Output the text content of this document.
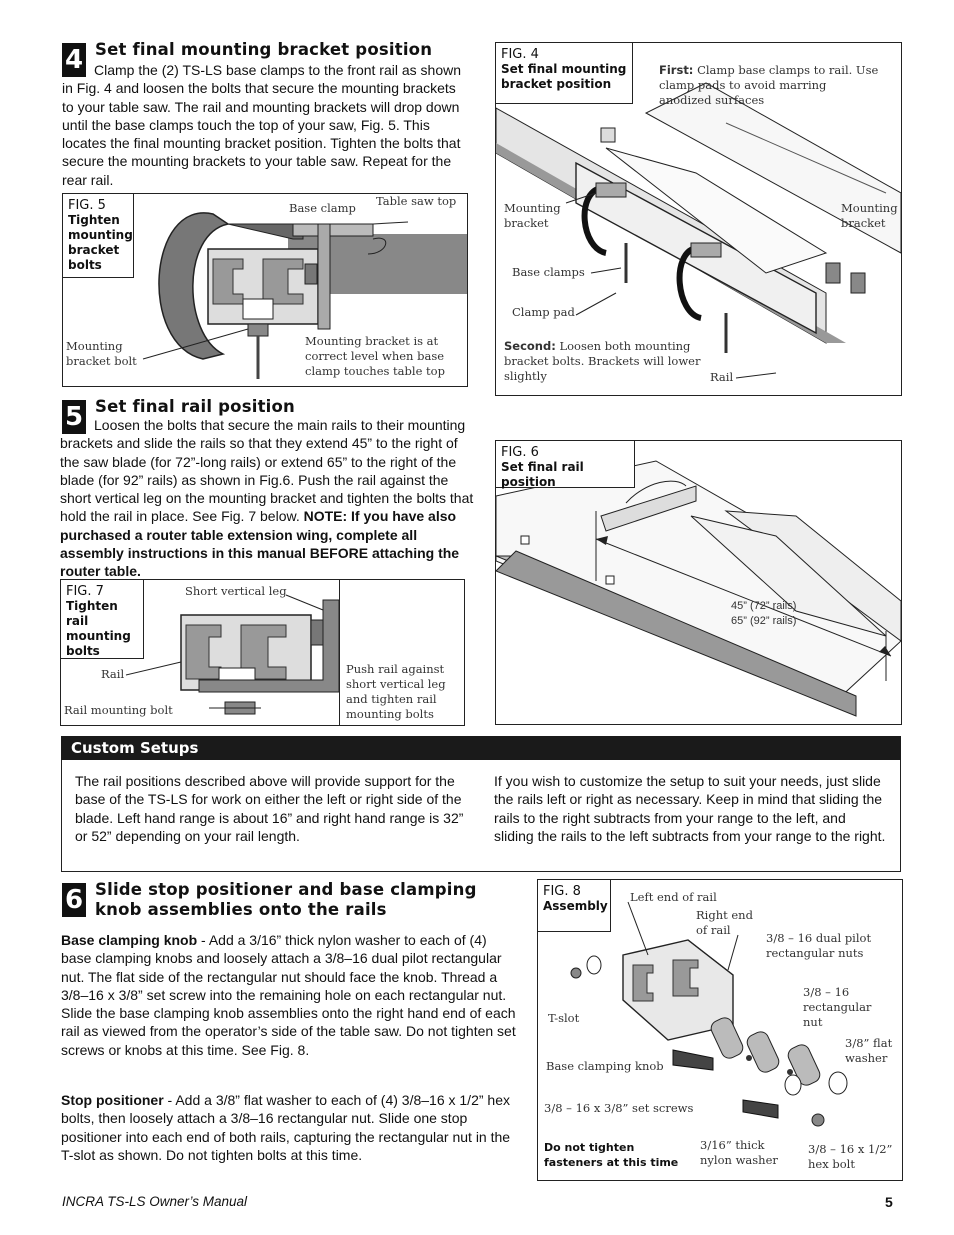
4 Set final mounting bracket position
Clamp the (2) TS-LS base clamps to the front rail as shown in Fig. 4 and loosen the bolts that secure the mounting brackets to your table saw. The rail and mounting brackets will drop down until the base clamps touch the top of your saw, Fig. 5. This locates the final mounting bracket position. Tighten the bolts that secure the mounting brackets to your table saw. Repeat for the rear rail.
FIG. 5
Tighten mounting bracket bolts
Base clamp Table saw top
Mounting bracket bolt
Mounting bracket is at correct level when base clamp touches table top
FIG. 4
Set final mounting bracket position
First: Clamp base clamps to rail. Use clamp pads to avoid marring anodized surfaces
Mounting bracket
Mounting bracket
Base clamps
Clamp pad
Second: Loosen both mounting bracket bolts. Brackets will lower slightly	Rail
5 Set final rail position
Loosen the bolts that secure the main rails to their mounting brackets and slide the rails so that they extend 45” to the right of the saw blade (for 72”-long rails) or extend 65” to the right of the blade (for 92” rails) as shown in Fig.6. Push the rail against the short vertical leg on the mounting bracket and tighten the bolts that hold the rail in place. See Fig. 7 below. NOTE: If you have also purchased a router table extension wing, complete all assembly instructions in this manual BEFORE attaching the router table.
FIG. 6
Set final rail position
45” (72” rails)
65” (92” rails)
FIG. 7
Tighten rail mounting bolts
Short vertical leg
Rail
Rail mounting bolt
Push rail against short vertical leg and tighten rail mounting bolts
Custom Setups
The rail positions described above will provide support for the base of the TS-LS for work on either the left or right side of the blade. Left hand range is about 16” and right hand range is 32” or 52” depending on your rail length.
If you wish to customize the setup to suit your needs, just slide the rails left or right as necessary. Keep in mind that sliding the rails to the right subtracts from your range to the left, and sliding the rails to the left subtracts from your range to the right.
6 Slide stop positioner and base clamping
knob assemblies onto the rails
Base clamping knob - Add a 3/16” thick nylon washer to each of (4) base clamping knobs and loosely attach a 3/8–16 dual pilot rectangular nut. The flat side of the rectangular nut should face the knob. Thread a 3/8–16 x 3/8” set screw into the remaining hole on each rectangular nut. Slide the base clamping knob assemblies onto the right hand end of each rail as viewed from the operator’s side of the table saw. Do not tighten set screws or knobs at this time. See Fig. 8.
Stop positioner - Add a 3/8” flat washer to each of (4) 3/8–16 x 1/2” hex bolts, then loosely attach a 3/8–16 rectangular nut. Slide one stop positioner into each end of both rails, capturing the rectangular nut in the T-slot as shown. Do not tighten bolts at this time.
FIG. 8
Assembly
Left end of rail
Right end of rail
3/8 – 16 dual pilot rectangular nuts
3/8 – 16 rectangular nut
3/8” flat washer
T-slot
Base clamping knob
3/8 – 16 x 3/8” set screws
Do not tighten fasteners at this time
3/16” thick nylon washer
3/8 – 16 x 1/2” hex bolt
INCRA TS-LS Owner’s Manual	5
